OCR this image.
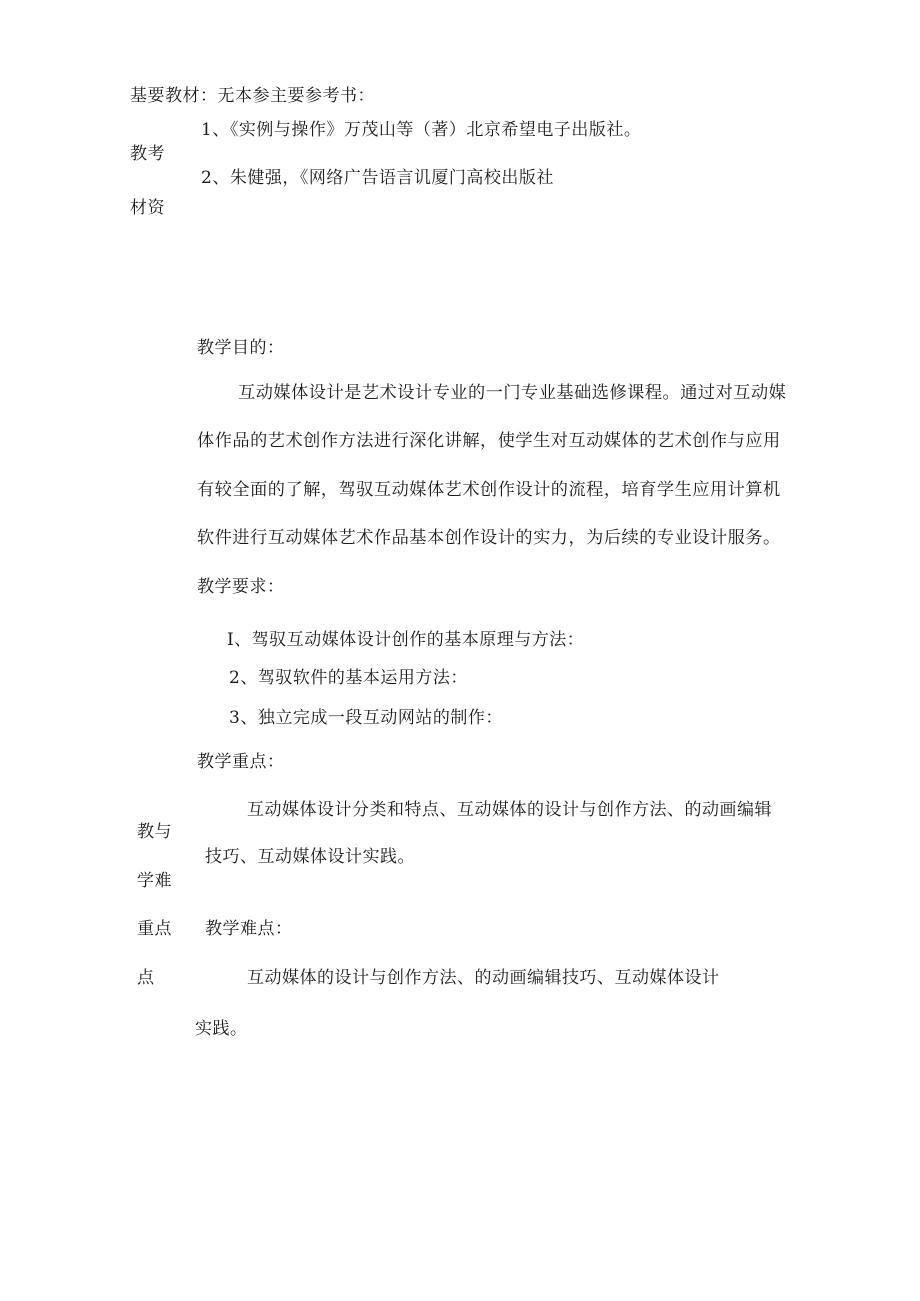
基要教材：无本参主要参考书：
1、《实例与操作》万茂山等（著）北京希望电子出版社。
教考
2、朱健强，《网络广告语言讥厦门高校出版社
材资
教学目的：
互动媒体设计是艺术设计专业的一门专业基础选修课程。通过对互动媒
体作品的艺术创作方法进行深化讲解，使学生对互动媒体的艺术创作与应用
有较全面的了解，驾驭互动媒体艺术创作设计的流程，培育学生应用计算机
软件进行互动媒体艺术作品基本创作设计的实力，为后续的专业设计服务。
教学要求：
I、驾驭互动媒体设计创作的基本原理与方法：
2、驾驭软件的基本运用方法：
3、独立完成一段互动网站的制作：
教学重点：
互动媒体设计分类和特点、互动媒体的设计与创作方法、的动画编辑
教与
技巧、互动媒体设计实践。
学难
重点 教学难点：
点	互动媒体的设计与创作方法、的动画编辑技巧、互动媒体设计
实践。
